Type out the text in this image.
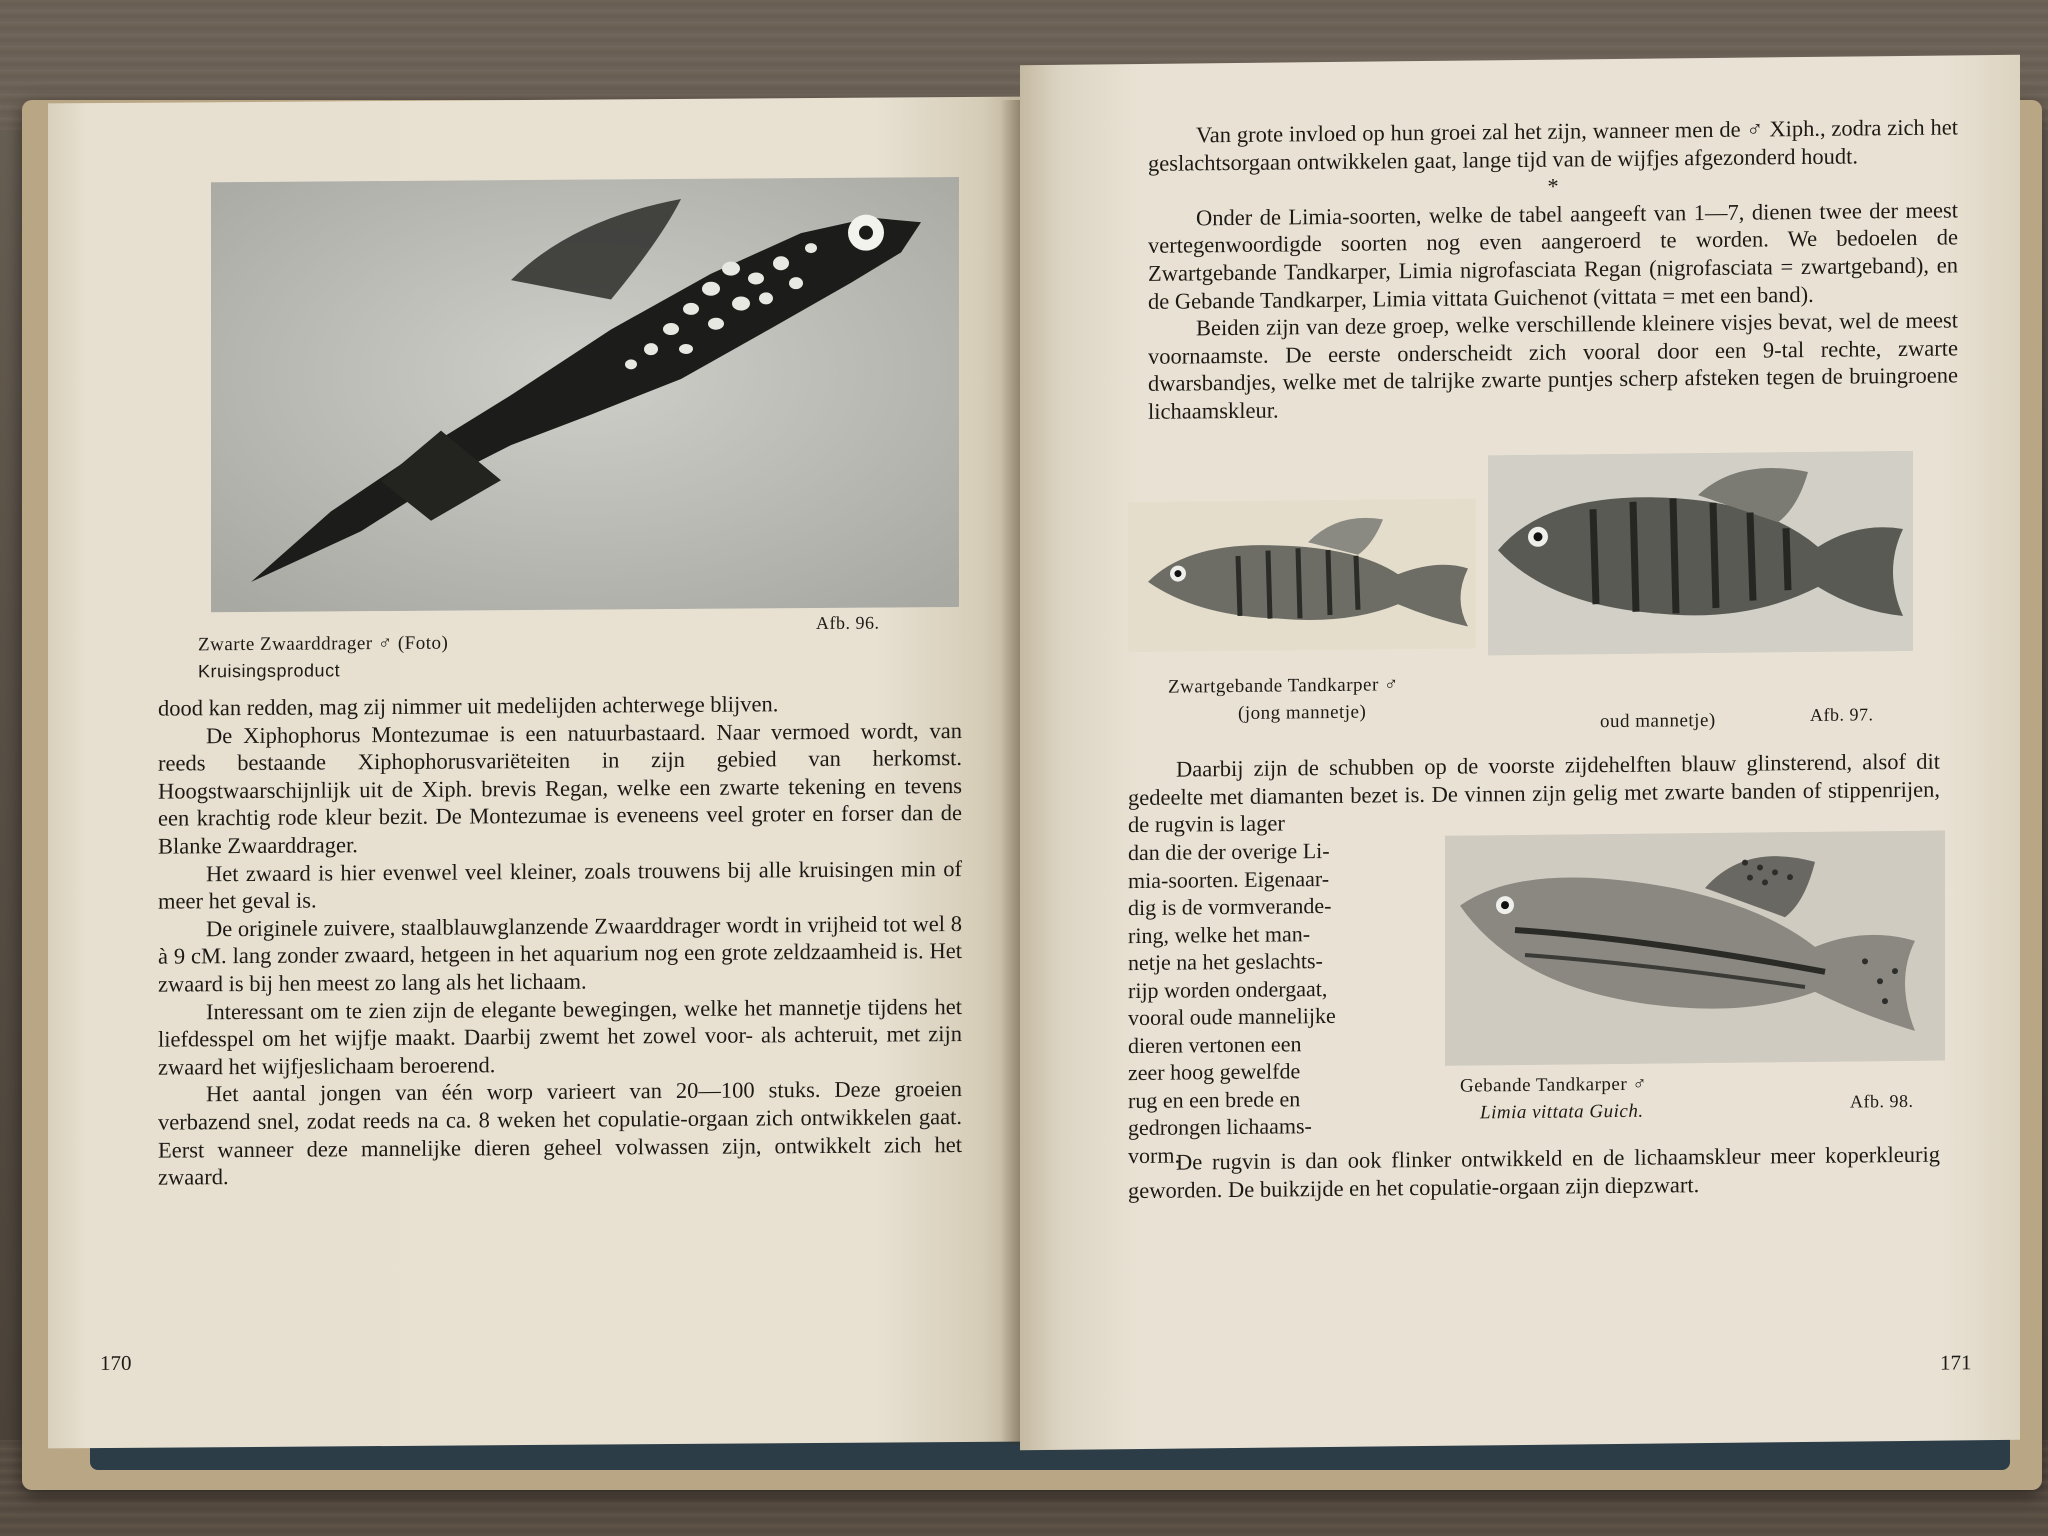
Afb. 96.
Zwarte Zwaarddrager ♂ (Foto)
Kruisingsproduct

dood kan redden, mag zij nimmer uit medelijden achterwege blijven.

De Xiphophorus Montezumae is een natuurbastaard. Naar vermoed wordt, van reeds bestaande Xiphophorusvariëteiten in zijn gebied van herkomst. Hoogstwaarschijnlijk uit de Xiph. brevis Regan, welke een zwarte tekening en tevens een krachtig rode kleur bezit. De Montezumae is eveneens veel groter en forser dan de Blanke Zwaarddrager.

Het zwaard is hier evenwel veel kleiner, zoals trouwens bij alle kruisingen min of meer het geval is.

De originele zuivere, staalblauwglanzende Zwaarddrager wordt in vrijheid tot wel 8 à 9 cM. lang zonder zwaard, hetgeen in het aquarium nog een grote zeldzaamheid is. Het zwaard is bij hen meest zo lang als het lichaam.

Interessant om te zien zijn de elegante bewegingen, welke het mannetje tijdens het liefdesspel om het wijfje maakt. Daarbij zwemt het zowel voor- als achteruit, met zijn zwaard het wijfjeslichaam beroerend.

Het aantal jongen van één worp varieert van 20—100 stuks. Deze groeien verbazend snel, zodat reeds na ca. 8 weken het copulatie-orgaan zich ontwikkelen gaat. Eerst wanneer deze mannelijke dieren geheel volwassen zijn, ontwikkelt zich het zwaard.

170

Van grote invloed op hun groei zal het zijn, wanneer men de ♂ Xiph., zodra zich het geslachtsorgaan ontwikkelen gaat, lange tijd van de wijfjes afgezonderd houdt.

*

Onder de Limia-soorten, welke de tabel aangeeft van 1—7, dienen twee der meest vertegenwoordigde soorten nog even aangeroerd te worden. We bedoelen de Zwartgebande Tandkarper, Limia nigrofasciata Regan (nigrofasciata = zwartgeband), en de Gebande Tandkarper, Limia vittata Guichenot (vittata = met een band).

Beiden zijn van deze groep, welke verschillende kleinere visjes bevat, wel de meest voornaamste. De eerste onderscheidt zich vooral door een 9-tal rechte, zwarte dwarsbandjes, welke met de talrijke zwarte puntjes scherp afsteken tegen de bruingroene lichaamskleur.

Zwartgebande Tandkarper ♂
(jong mannetje)	oud mannetje)	Afb. 97.

Daarbij zijn de schubben op de voorste zijdehelften blauw glinsterend, alsof dit gedeelte met diamanten bezet is. De vinnen zijn gelig met zwarte banden of stippenrijen, de rugvin is lager

dan die der overige Li-
mia-soorten. Eigenaar-
dig is de vormverande-
ring, welke het man-
netje na het geslachts-
rijp worden ondergaat,
vooral oude mannelijke
dieren vertonen een
zeer hoog gewelfde
rug en een brede en
gedrongen lichaams-
vorm.
Gebande Tandkarper ♂
Limia vittata Guich.	Afb. 98.

De rugvin is dan ook flinker ontwikkeld en de lichaamskleur meer koperkleurig geworden. De buikzijde en het copulatie-orgaan zijn diepzwart.

171
